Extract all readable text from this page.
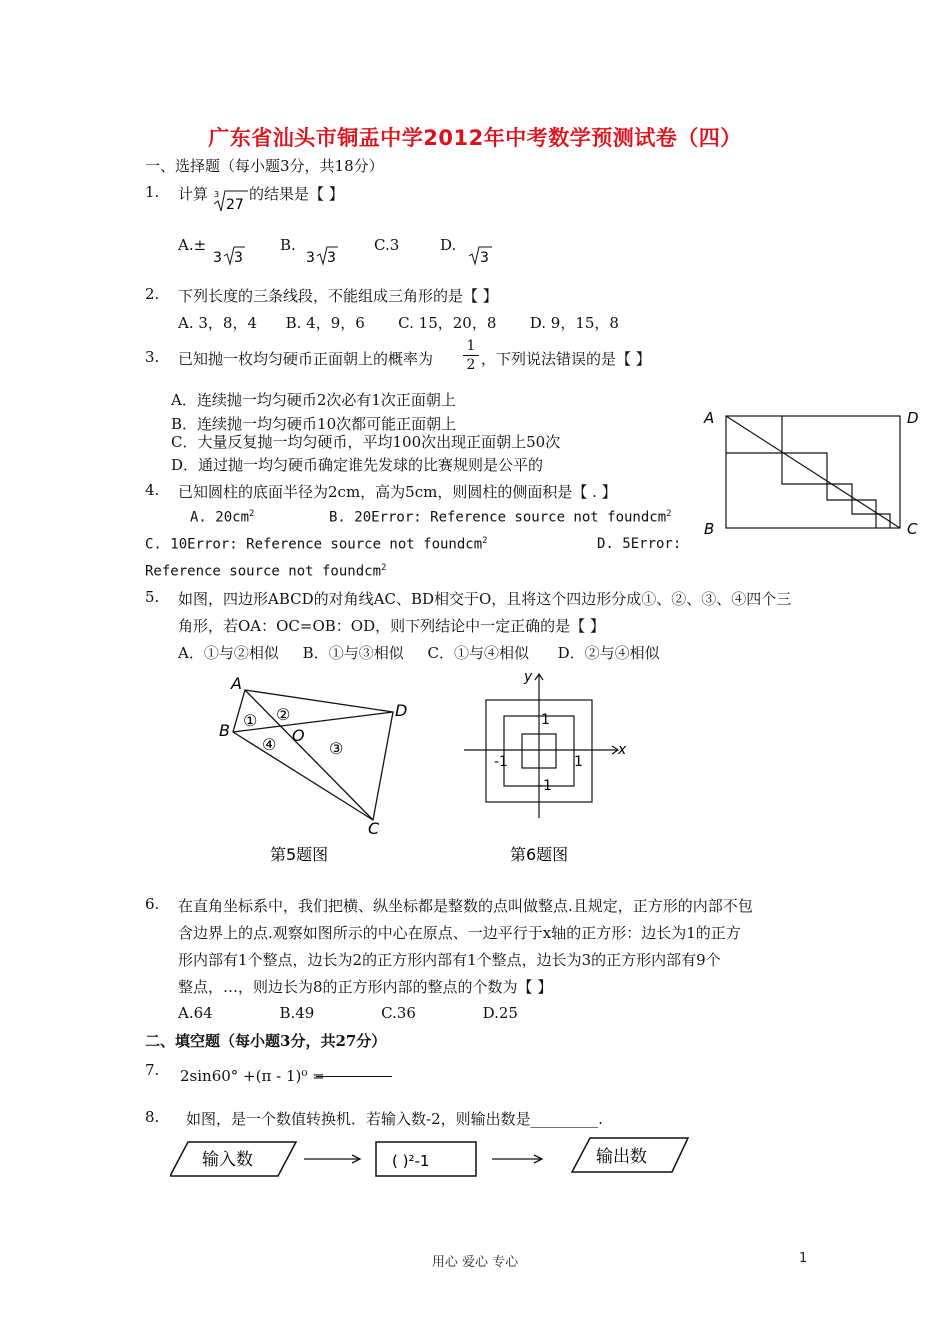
广东省汕头市铜盂中学2012年中考数学预测试卷（四）
一、选择题（每小题3分，共18分）
1. 计算 3
27
的结果是【 】
A.±
3 3
B.
3 3
C.3	D.
3
2. 下列长度的三条线段，不能组成三角形的是【 】
A. 3，8，4      B. 4，9，6       C. 15，20，8       D. 9，15，8
3. 已知抛一枚均匀硬币正面朝上的概率为
1
2 ，下列说法错误的是【 】
A．连续抛一均匀硬币2次必有1次正面朝上
B．连续抛一均匀硬币10次都可能正面朝上
C．大量反复抛一均匀硬币，平均100次出现正面朝上50次
D．通过抛一均匀硬币确定谁先发球的比赛规则是公平的
A	D
B	C
4. 已知圆柱的底面半径为2cm，高为5cm，则圆柱的侧面积是【 . 】
A. $20cm^2$	B. 20Error: Reference source not foundcm$^2$
C. 10Error: Reference source not foundcm$^2$	D. 5Error:
Reference source not foundcm$^2$
5. 如图，四边形ABCD的对角线AC、BD相交于O，且将这个四边形分成①、②、③、④四个三
角形，若OA：OC=OB：OD，则下列结论中一定正确的是【 】
A．①与②相似     B．①与③相似     C．①与④相似      D．②与④相似
A
B
C
D
O
① ②
③
④
第5题图
y
x
1
-1
1
-1
第6题图
6. 在直角坐标系中，我们把横、纵坐标都是整数的点叫做整点.且规定，正方形的内部不包
含边界上的点.观察如图所示的中心在原点、一边平行于x轴的正方形：边长为1的正方
形内部有1个整点，边长为2的正方形内部有1个整点，边长为3的正方形内部有9个
整点，…，则边长为8的正方形内部的整点的个数为【 】
A.64              B.49              C.36              D.25
二、填空题（每小题3分，共27分）
7. 2sin60° +(π - 1)⁰ =
8. 如图，是一个数值转换机．若输入数-2，则输出数是_________.
输入数	( )²-1	输出数
用心 爱心 专心	1
